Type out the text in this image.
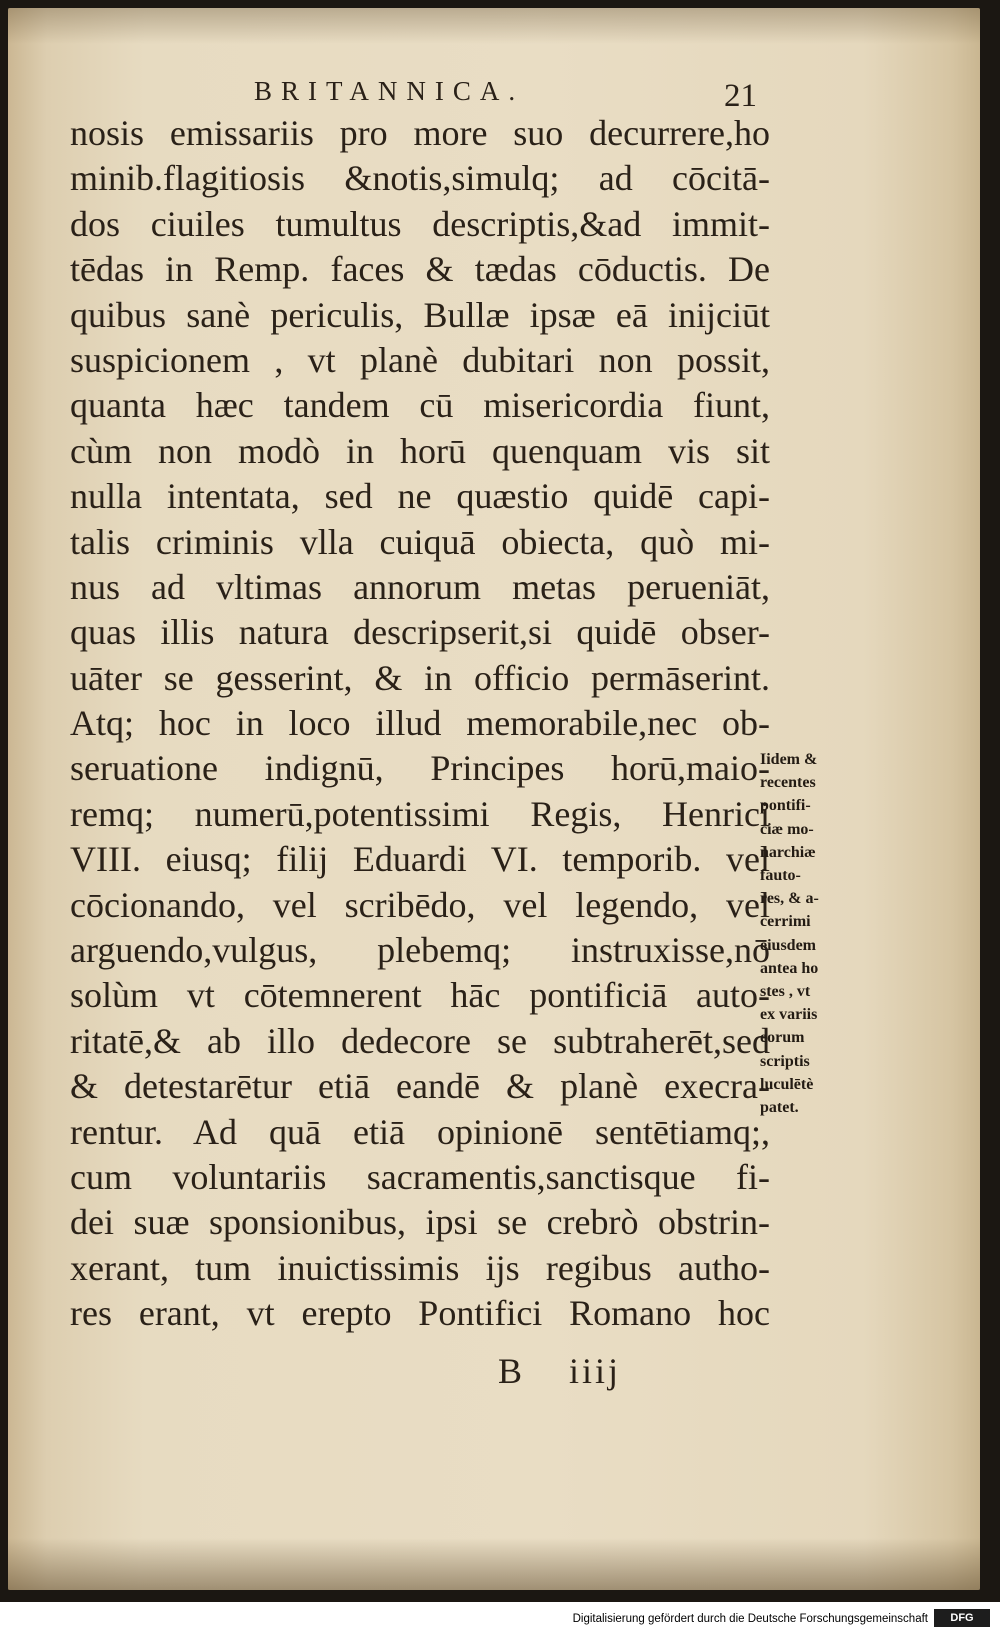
BRITANNICA.	21
nosis emissariis pro more suo decurrere,ho
minib.flagitiosis &notis,simulq; ad cōcitā-
dos ciuiles tumultus descriptis,&ad immit-
tēdas in Remp. faces & tædas cōductis. De
quibus sanè periculis, Bullæ ipsæ eā inijciūt
suspicionem , vt planè dubitari non possit,
quanta hæc tandem cū misericordia fiunt,
cùm non modò in horū quenquam vis sit
nulla intentata, sed ne quæstio quidē capi-
talis criminis vlla cuiquā obiecta, quò mi-
nus ad vltimas annorum metas perueniāt,
quas illis natura descripserit,si quidē obser-
uāter se gesserint, & in officio permāserint.
Atq; hoc in loco illud memorabile,nec ob-
seruatione indignū, Principes horū,maio-
remq; numerū,potentissimi Regis, Henrici
VIII. eiusq; filij Eduardi VI. temporib. vel
cōcionando, vel scribēdo, vel legendo, vel
arguendo,vulgus, plebemq; instruxisse,nō
solùm vt cōtemnerent hāc pontificiā auto-
ritatē,& ab illo dedecore se subtraherēt,sed
& detestarētur etiā eandē & planè execra-
rentur. Ad quā etiā opinionē sentētiamq;,
cum voluntariis sacramentis,sanctisque fi-
dei suæ sponsionibus, ipsi se crebrò obstrin-
xerant, tum inuictissimis ijs regibus autho-
res erant, vt erepto Pontifici Romano hoc
Iidem &
recentes
pontifi-
ciæ mo-
narchiæ
fauto-
res, & a-
cerrimi
eiusdem
antea ho
stes , vt
ex variis
eorum
scriptis
luculētè
patet.
B iiij
Digitalisierung gefördert durch die Deutsche Forschungsgemeinschaft	DFG
